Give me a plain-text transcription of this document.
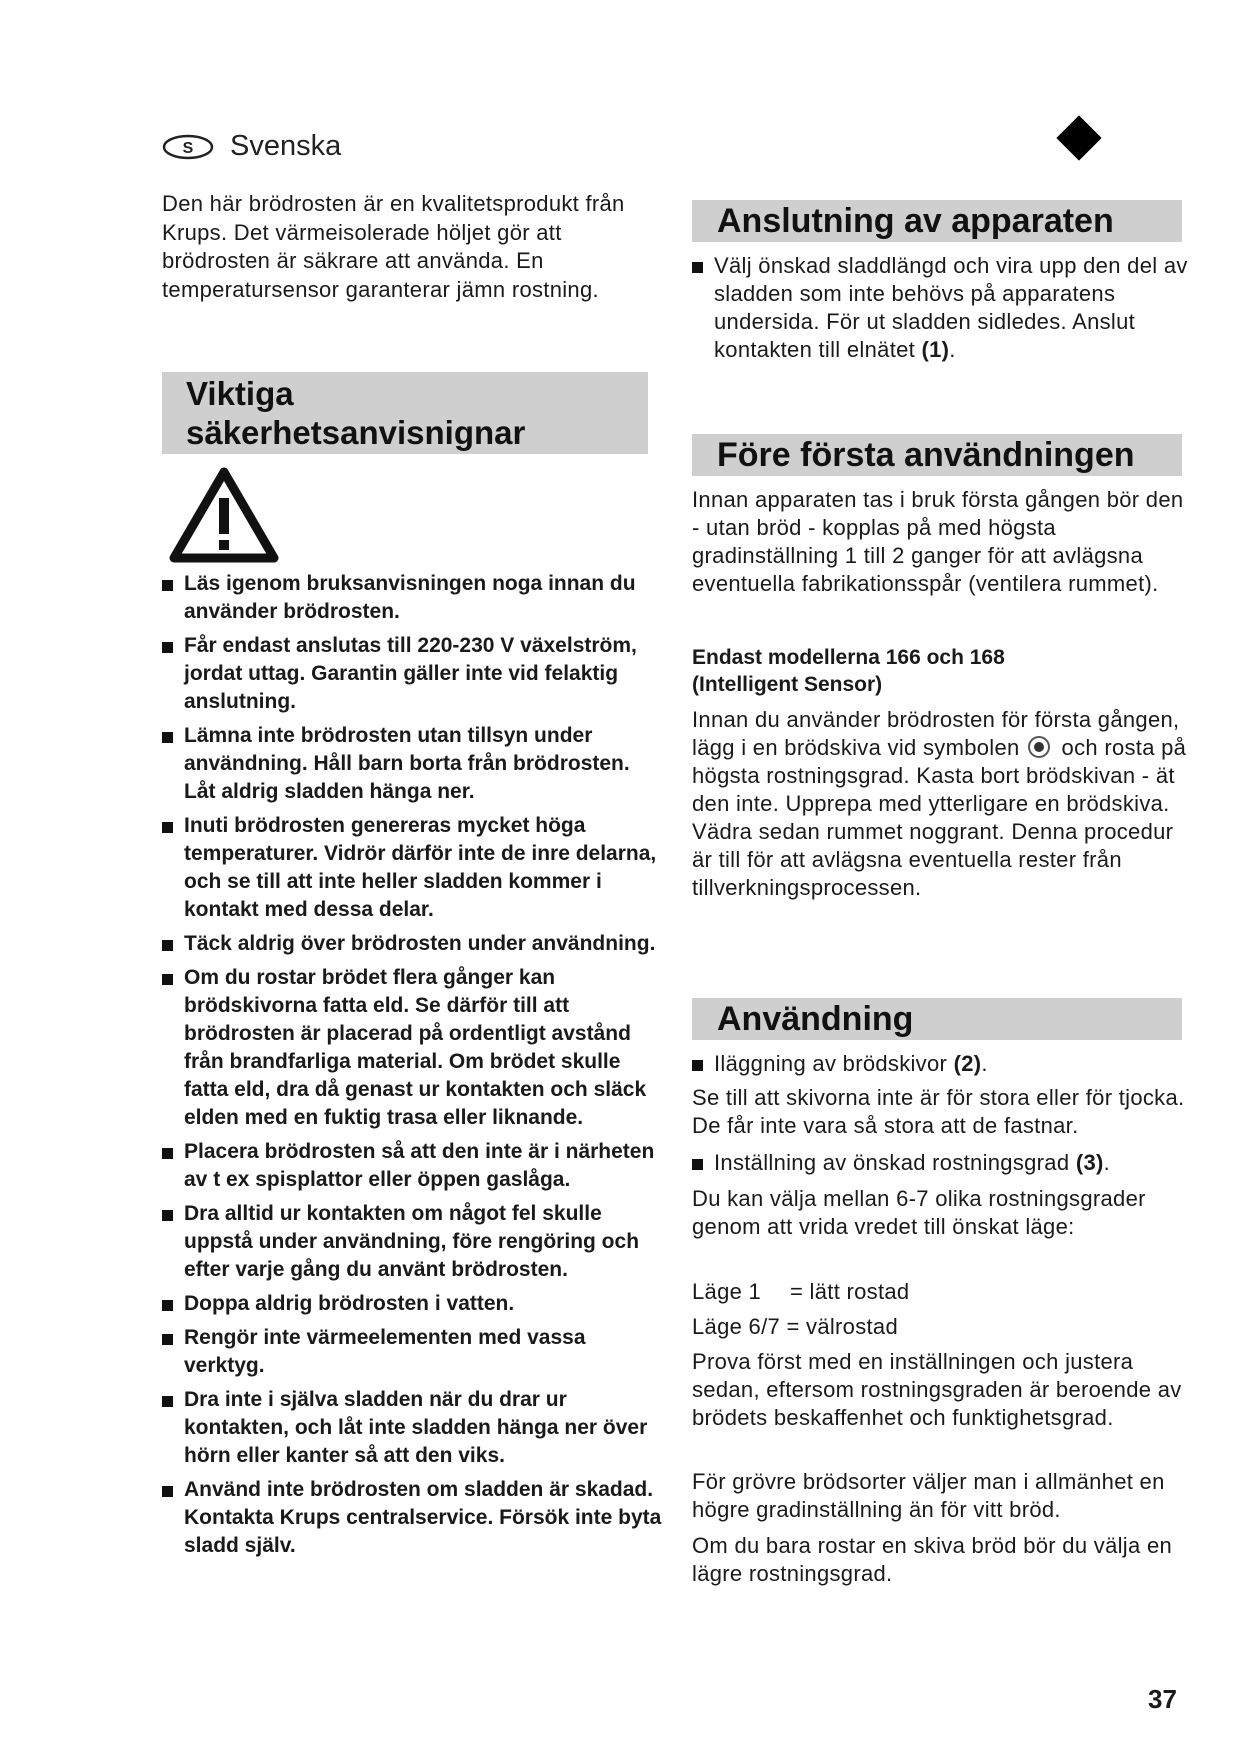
S Svenska

Den här brödrosten är en kvalitetsprodukt från Krups. Det värmeisolerade höljet gör att brödrosten är säkrare att använda. En temperatursensor garanterar jämn rostning.

Viktiga
säkerhetsanvisnignar
Läs igenom bruksanvisningen noga innan du använder brödrosten.
Får endast anslutas till 220-230 V växelström, jordat uttag. Garantin gäller inte vid felaktig anslutning.
Lämna inte brödrosten utan tillsyn under användning. Håll barn borta från brödrosten. Låt aldrig sladden hänga ner.
Inuti brödrosten genereras mycket höga temperaturer. Vidrör därför inte de inre delarna, och se till att inte heller sladden kommer i kontakt med dessa delar.
Täck aldrig över brödrosten under användning.
Om du rostar brödet flera gånger kan brödskivorna fatta eld. Se därför till att brödrosten är placerad på ordentligt avstånd från brandfarliga material. Om brödet skulle fatta eld, dra då genast ur kontakten och släck elden med en fuktig trasa eller liknande.
Placera brödrosten så att den inte är i närheten av t ex spisplattor eller öppen gaslåga.
Dra alltid ur kontakten om något fel skulle uppstå under användning, före rengöring och efter varje gång du använt brödrosten.
Doppa aldrig brödrosten i vatten.
Rengör inte värmeelementen med vassa verktyg.
Dra inte i själva sladden när du drar ur kontakten, och låt inte sladden hänga ner över hörn eller kanter så att den viks.
Använd inte brödrosten om sladden är skadad. Kontakta Krups centralservice. Försök inte byta sladd själv.
Anslutning av apparaten
Välj önskad sladdlängd och vira upp den del av sladden som inte behövs på apparatens undersida. För ut sladden sidledes. Anslut kontakten till elnätet (1).
Före första användningen

Innan apparaten tas i bruk första gången bör den - utan bröd - kopplas på med högsta gradinställning 1 till 2 ganger för att avlägsna eventuella fabrikationsspår (ventilera rummet).

Endast modellerna 166 och 168
(Intelligent Sensor)

Innan du använder brödrosten för första gången, lägg i en brödskiva vid symbolen och rosta på högsta rostningsgrad. Kasta bort brödskivan - ät den inte. Upprepa med ytterligare en brödskiva. Vädra sedan rummet noggrant. Denna procedur är till för att avlägsna eventuella rester från tillverkningsprocessen.

Användning
Iläggning av brödskivor (2).

Se till att skivorna inte är för stora eller för tjocka. De får inte vara så stora att de fastnar.

Inställning av önskad rostningsgrad (3).

Du kan välja mellan 6-7 olika rostningsgrader genom att vrida vredet till önskat läge:

Läge 1 = lätt rostad
Läge 6/7 = välrostad

Prova först med en inställningen och justera sedan, eftersom rostningsgraden är beroende av brödets beskaffenhet och funktighetsgrad.

För grövre brödsorter väljer man i allmänhet en högre gradinställning än för vitt bröd.

Om du bara rostar en skiva bröd bör du välja en lägre rostningsgrad.

37
